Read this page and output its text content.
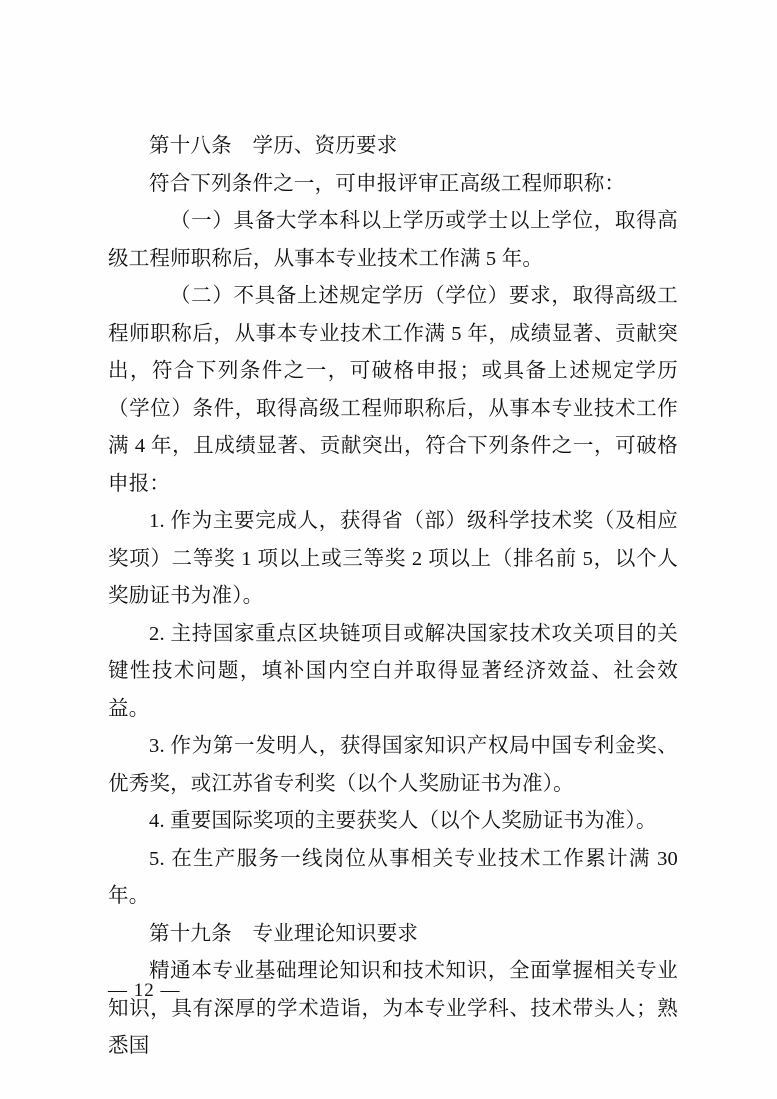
第十八条　学历、资历要求

符合下列条件之一，可申报评审正高级工程师职称：

（一）具备大学本科以上学历或学士以上学位，取得高级工程师职称后，从事本专业技术工作满 5 年。

（二）不具备上述规定学历（学位）要求，取得高级工程师职称后，从事本专业技术工作满 5 年，成绩显著、贡献突出，符合下列条件之一，可破格申报；或具备上述规定学历（学位）条件，取得高级工程师职称后，从事本专业技术工作满 4 年，且成绩显著、贡献突出，符合下列条件之一，可破格申报：

1. 作为主要完成人，获得省（部）级科学技术奖（及相应奖项）二等奖 1 项以上或三等奖 2 项以上（排名前 5，以个人奖励证书为准）。

2. 主持国家重点区块链项目或解决国家技术攻关项目的关键性技术问题，填补国内空白并取得显著经济效益、社会效益。

3. 作为第一发明人，获得国家知识产权局中国专利金奖、优秀奖，或江苏省专利奖（以个人奖励证书为准）。

4. 重要国际奖项的主要获奖人（以个人奖励证书为准）。

5. 在生产服务一线岗位从事相关专业技术工作累计满 30 年。

第十九条　专业理论知识要求

精通本专业基础理论知识和技术知识，全面掌握相关专业知识，具有深厚的学术造诣，为本专业学科、技术带头人；熟悉国

— 12 —
